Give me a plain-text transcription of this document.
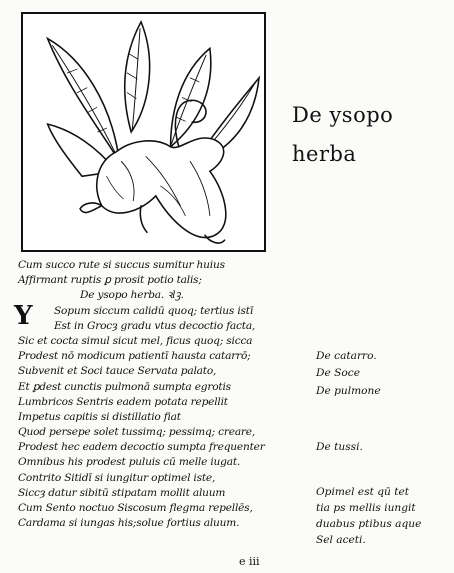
De ysopo
herba
Y
Cum succo rute si succus sumitur huius
Affirmant ruptis ꝑ prosit potio talis;
De ysopo herba. ꝛlꝫ.
Sopum siccum calidū quoq; tertius istī
Est in Grocȝ gradu vtus decoctio facta,
Sic et cocta simul sicut mel, ficus quoq; sicca
Prodest nō modicum patientī hausta catarrō;
Subvenit et Soci tauce Servata palato,
Et ꝑdest cunctis pulmonā sumpta egrotis
Lumbricos Sentris eadem potata repellit
Impetus capitis si distillatio fiat
Quod persepe solet tussimq; pessimq; creare,
Prodest hec eadem decoctio sumpta frequenter
Omnibus his prodest puluis cū melle iugat.
Contrito Sitidī si iungitur optimel iste,
Siccȝ datur sibitū stipatam mollit aluum
Cum Sento noctuo Siscosum flegma repellēs,
Cardama si iungas his;solue fortius aluum.
De catarro.
De Soce
De pulmone
De tussi.
Opimel est qū tet
tia ps mellis iungit
duabus ptibus aque
Sel aceti.
e iii
